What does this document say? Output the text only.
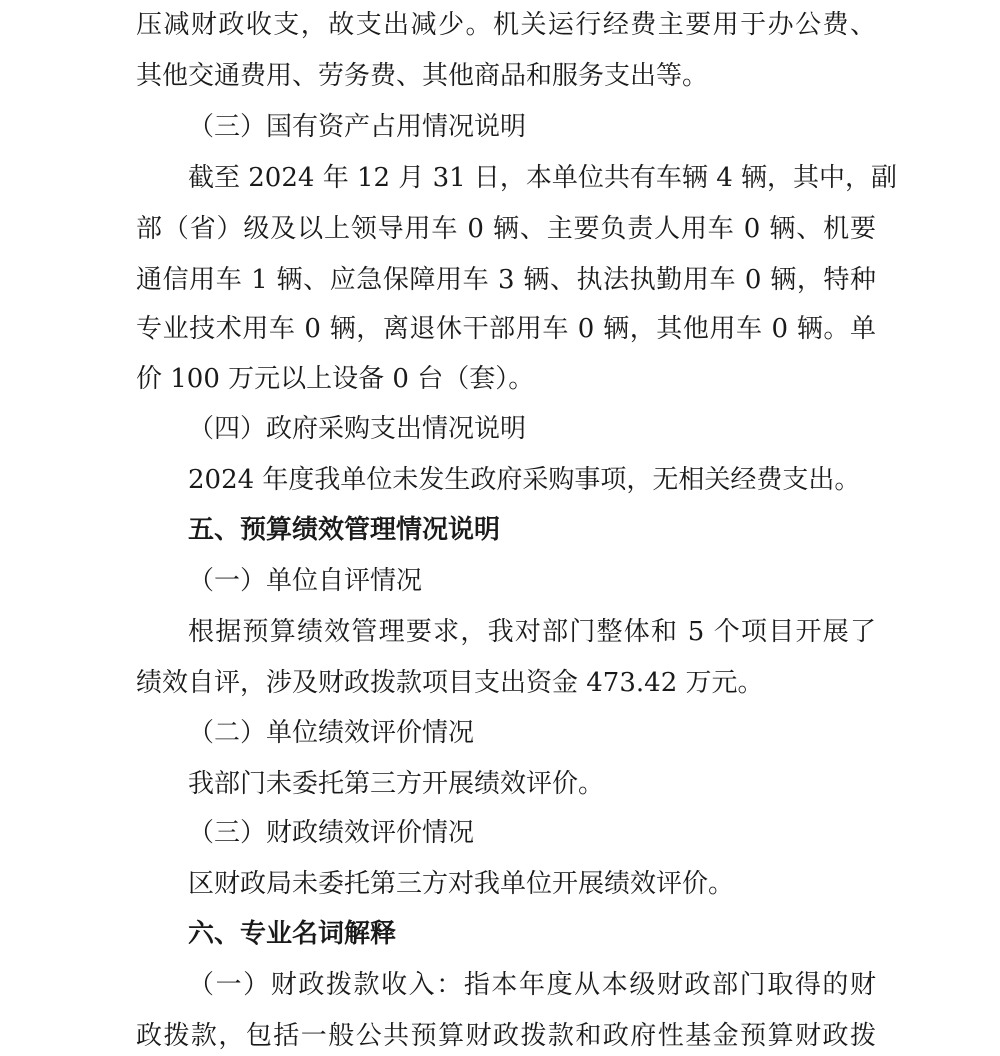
压减财政收支，故支出减少。机关运行经费主要用于办公费、
其他交通费用、劳务费、其他商品和服务支出等。
（三）国有资产占用情况说明
截至 2024 年 12 月 31 日，本单位共有车辆 4 辆，其中，副
部（省）级及以上领导用车 0 辆、主要负责人用车 0 辆、机要
通信用车 1 辆、应急保障用车 3 辆、执法执勤用车 0 辆，特种
专业技术用车 0 辆，离退休干部用车 0 辆，其他用车 0 辆。单
价 100 万元以上设备 0 台（套）。
（四）政府采购支出情况说明
2024 年度我单位未发生政府采购事项，无相关经费支出。
五、预算绩效管理情况说明
（一）单位自评情况
根据预算绩效管理要求，我对部门整体和 5 个项目开展了
绩效自评，涉及财政拨款项目支出资金 473.42 万元。
（二）单位绩效评价情况
我部门未委托第三方开展绩效评价。
（三）财政绩效评价情况
区财政局未委托第三方对我单位开展绩效评价。
六、专业名词解释
（一）财政拨款收入：指本年度从本级财政部门取得的财
政拨款，包括一般公共预算财政拨款和政府性基金预算财政拨
